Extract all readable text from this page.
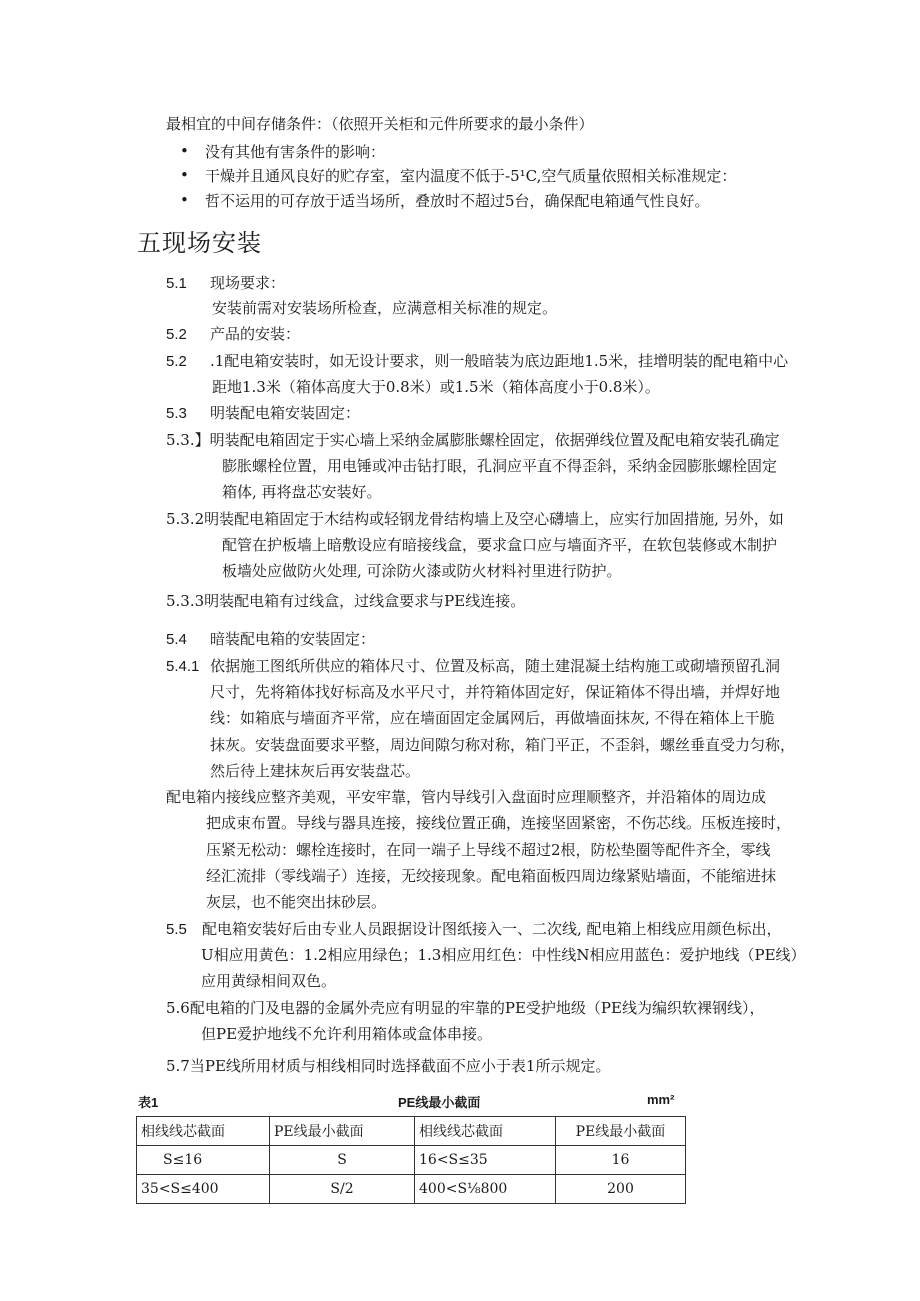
最相宜的中间存储条件：（依照开关柜和元件所要求的最小条件）
• 没有其他有害条件的影响：
• 干燥并且通风良好的贮存室，室内温度不低于-5¹C,空气质量依照相关标准规定：
• 哲不运用的可存放于适当场所，叠放时不超过5台，确保配电箱通气性良好。
五现场安装
5.1 现场要求：
安装前需对安装场所检查，应满意相关标准的规定。
5.2 产品的安装：
5.2 .1配电箱安装时，如无设计要求，则一般暗装为底边距地1.5米，挂增明装的配电箱中心
距地1.3米（箱体高度大于0.8米）或1.5米（箱体高度小于0.8米）。
5.3 明装配电箱安装固定：
5.3.】明装配电箱固定于实心墙上采纳金属膨胀螺栓固定，依据弹线位置及配电箱安装孔确定
膨胀螺栓位置，用电锤或冲击钻打眼，孔洞应平直不得歪斜，采纳金园膨胀螺栓固定
箱体, 再将盘芯安装好。
5.3.2明装配电箱固定于木结构或轻钢龙骨结构墙上及空心礴墙上，应实行加固措施, 另外，如
配管在护板墙上暗敷设应有暗接线盒，要求盒口应与墙面齐平，在软包装修或木制护
板墙处应做防火处理, 可涂防火漆或防火材料衬里进行防护。
5.3.3明装配电箱有过线盒，过线盒要求与PE线连接。
5.4 暗装配电箱的安装固定：
5.4.1 依据施工图纸所供应的箱体尺寸、位置及标高，随土建混凝土结构施工或砌墙预留孔洞
尺寸，先将箱体找好标高及水平尺寸，并符箱体固定好，保证箱体不得出墙，并焊好地
线：如箱底与墙面齐平常，应在墙面固定金属网后，再做墙面抹灰, 不得在箱体上干脆
抹灰。安装盘面要求平整，周边间隙匀称对称，箱门平正，不歪斜，螺丝垂直受力匀称，
然后待上建抹灰后再安装盘芯。
配电箱内接线应整齐美观，平安牢靠，管内导线引入盘面时应理顺整齐，并沿箱体的周边成
把成束布置。导线与器具连接，接线位置正确，连接坚固紧密，不伤芯线。压板连接时，
压紧无松动：螺栓连接时，在同一端子上导线不超过2根，防松垫圈等配件齐全，零线
经汇流排（零线端子）连接，无绞接现象。配电箱面板四周边缘紧贴墙面，不能缩进抹
灰层，也不能突出抹砂层。
5.5 配电箱安装好后由专业人员跟据设计图纸接入一、二次线, 配电箱上相线应用颜色标出，
U相应用黄色：1.2相应用绿色；1.3相应用红色：中性线N相应用蓝色：爱护地线（PE线）
应用黄绿相间双色。
5.6配电箱的门及电器的金属外壳应有明显的牢靠的PE受护地级（PE线为编织软裸钢线），
但PE爱护地线不允许利用箱体或盒体串接。
5.7当PE线所用材质与相线相同时选择截面不应小于表1所示规定。
表1	PE线最小截面	mm²
相线线芯截面	PE线最小截面	相线线芯截面	PE线最小截面
S≤16	S	16<S≤35	16
35<S≤400	S/2	400<S⅛800	200
